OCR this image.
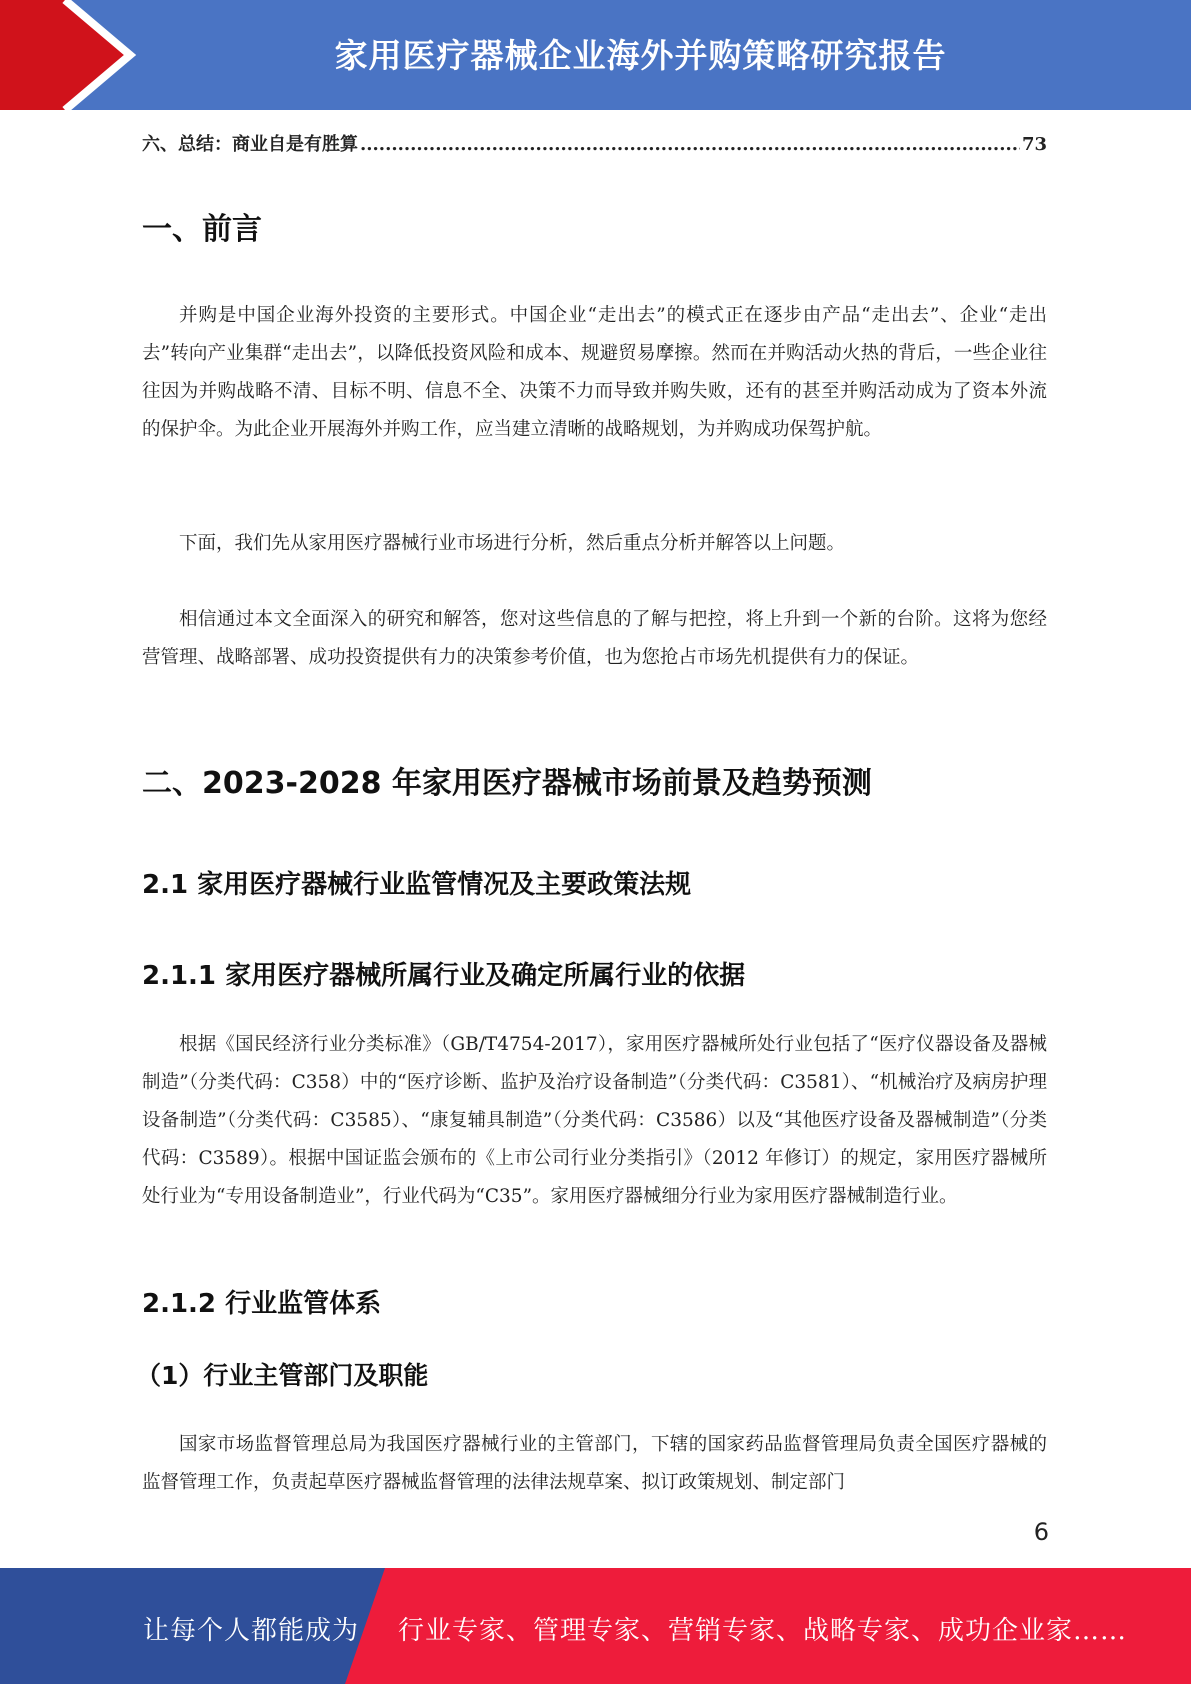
家用医疗器械企业海外并购策略研究报告
六、总结：商业自是有胜算
.....	73
一、前言

并购是中国企业海外投资的主要形式。中国企业“走出去”的模式正在逐步由产品“走出去”、企业“走出去”转向产业集群“走出去”，以降低投资风险和成本、规避贸易摩擦。然而在并购活动火热的背后，一些企业往往因为并购战略不清、目标不明、信息不全、决策不力而导致并购失败，还有的甚至并购活动成为了资本外流的保护伞。为此企业开展海外并购工作，应当建立清晰的战略规划，为并购成功保驾护航。

下面，我们先从家用医疗器械行业市场进行分析，然后重点分析并解答以上问题。

相信通过本文全面深入的研究和解答，您对这些信息的了解与把控，将上升到一个新的台阶。这将为您经营管理、战略部署、成功投资提供有力的决策参考价值，也为您抢占市场先机提供有力的保证。

二、2023-2028 年家用医疗器械市场前景及趋势预测
2.1 家用医疗器械行业监管情况及主要政策法规
2.1.1 家用医疗器械所属行业及确定所属行业的依据

根据《国民经济行业分类标准》（GB/T4754-2017），家用医疗器械所处行业包括了“医疗仪器设备及器械制造”（分类代码：C358）中的“医疗诊断、监护及治疗设备制造”（分类代码：C3581）、“机械治疗及病房护理设备制造”（分类代码：C3585）、“康复辅具制造”（分类代码：C3586）以及“其他医疗设备及器械制造”（分类代码：C3589）。根据中国证监会颁布的《上市公司行业分类指引》（2012 年修订）的规定，家用医疗器械所处行业为“专用设备制造业”，行业代码为“C35”。家用医疗器械细分行业为家用医疗器械制造行业。

2.1.2 行业监管体系
（1）行业主管部门及职能

国家市场监督管理总局为我国医疗器械行业的主管部门，下辖的国家药品监督管理局负责全国医疗器械的监督管理工作，负责起草医疗器械监督管理的法律法规草案、拟订政策规划、制定部门

6
让每个人都能成为 行业专家、管理专家、营销专家、战略专家、成功企业家……
